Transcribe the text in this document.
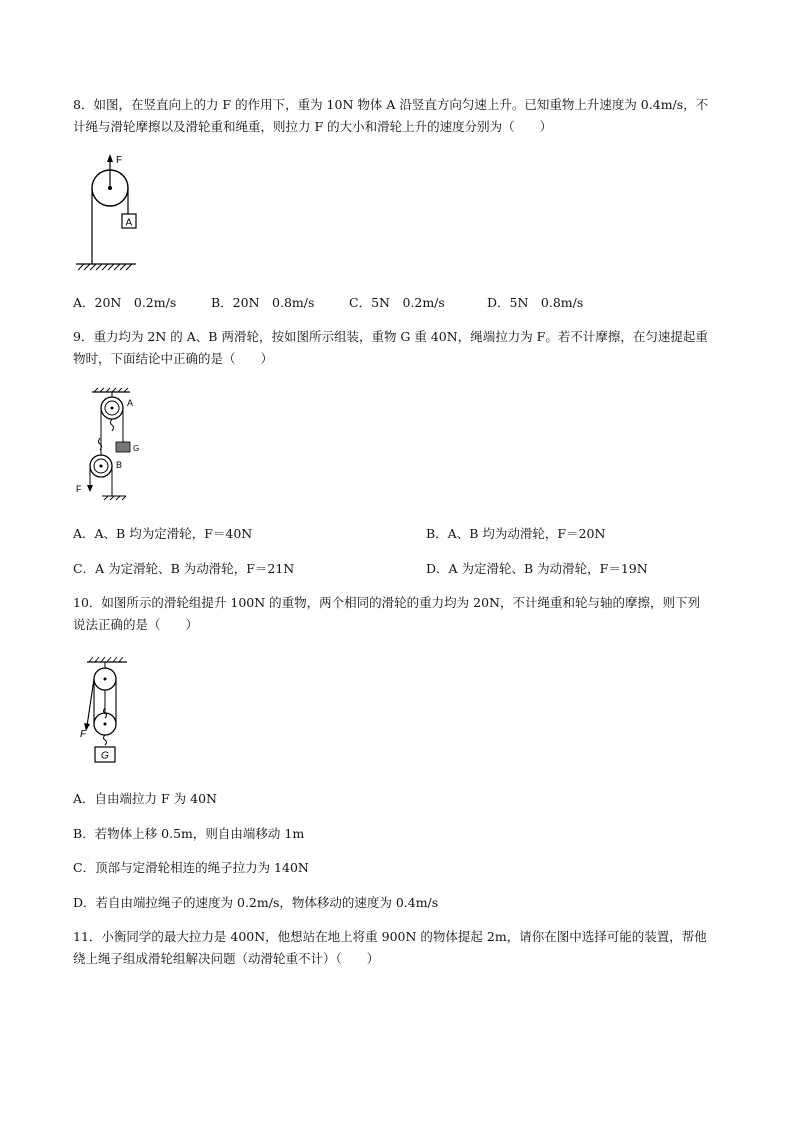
8．如图，在竖直向上的力 F 的作用下，重为 10N 物体 A 沿竖直方向匀速上升。已知重物上升速度为 0.4m/s，不
计绳与滑轮摩擦以及滑轮重和绳重，则拉力 F 的大小和滑轮上升的速度分别为（　　）
F
A
A．20N　0.2m/s	B．20N　0.8m/s	C．5N　0.2m/s	D．5N　0.8m/s
9．重力均为 2N 的 A、B 两滑轮，按如图所示组装，重物 G 重 40N，绳端拉力为 F。若不计摩擦，在匀速提起重
物时，下面结论中正确的是（　　）
A
G
B
F
A．A、B 均为定滑轮，F＝40N	B．A、B 均为动滑轮，F＝20N
C．A 为定滑轮、B 为动滑轮，F＝21N	D．A 为定滑轮、B 为动滑轮，F＝19N
10．如图所示的滑轮组提升 100N 的重物，两个相同的滑轮的重力均为 20N，不计绳重和轮与轴的摩擦，则下列
说法正确的是（　　）
F
G
A．自由端拉力 F 为 40N
B．若物体上移 0.5m，则自由端移动 1m
C．顶部与定滑轮相连的绳子拉力为 140N
D．若自由端拉绳子的速度为 0.2m/s，物体移动的速度为 0.4m/s
11．小衡同学的最大拉力是 400N，他想站在地上将重 900N 的物体提起 2m，请你在图中选择可能的装置，帮他
绕上绳子组成滑轮组解决问题（动滑轮重不计）（　　）
